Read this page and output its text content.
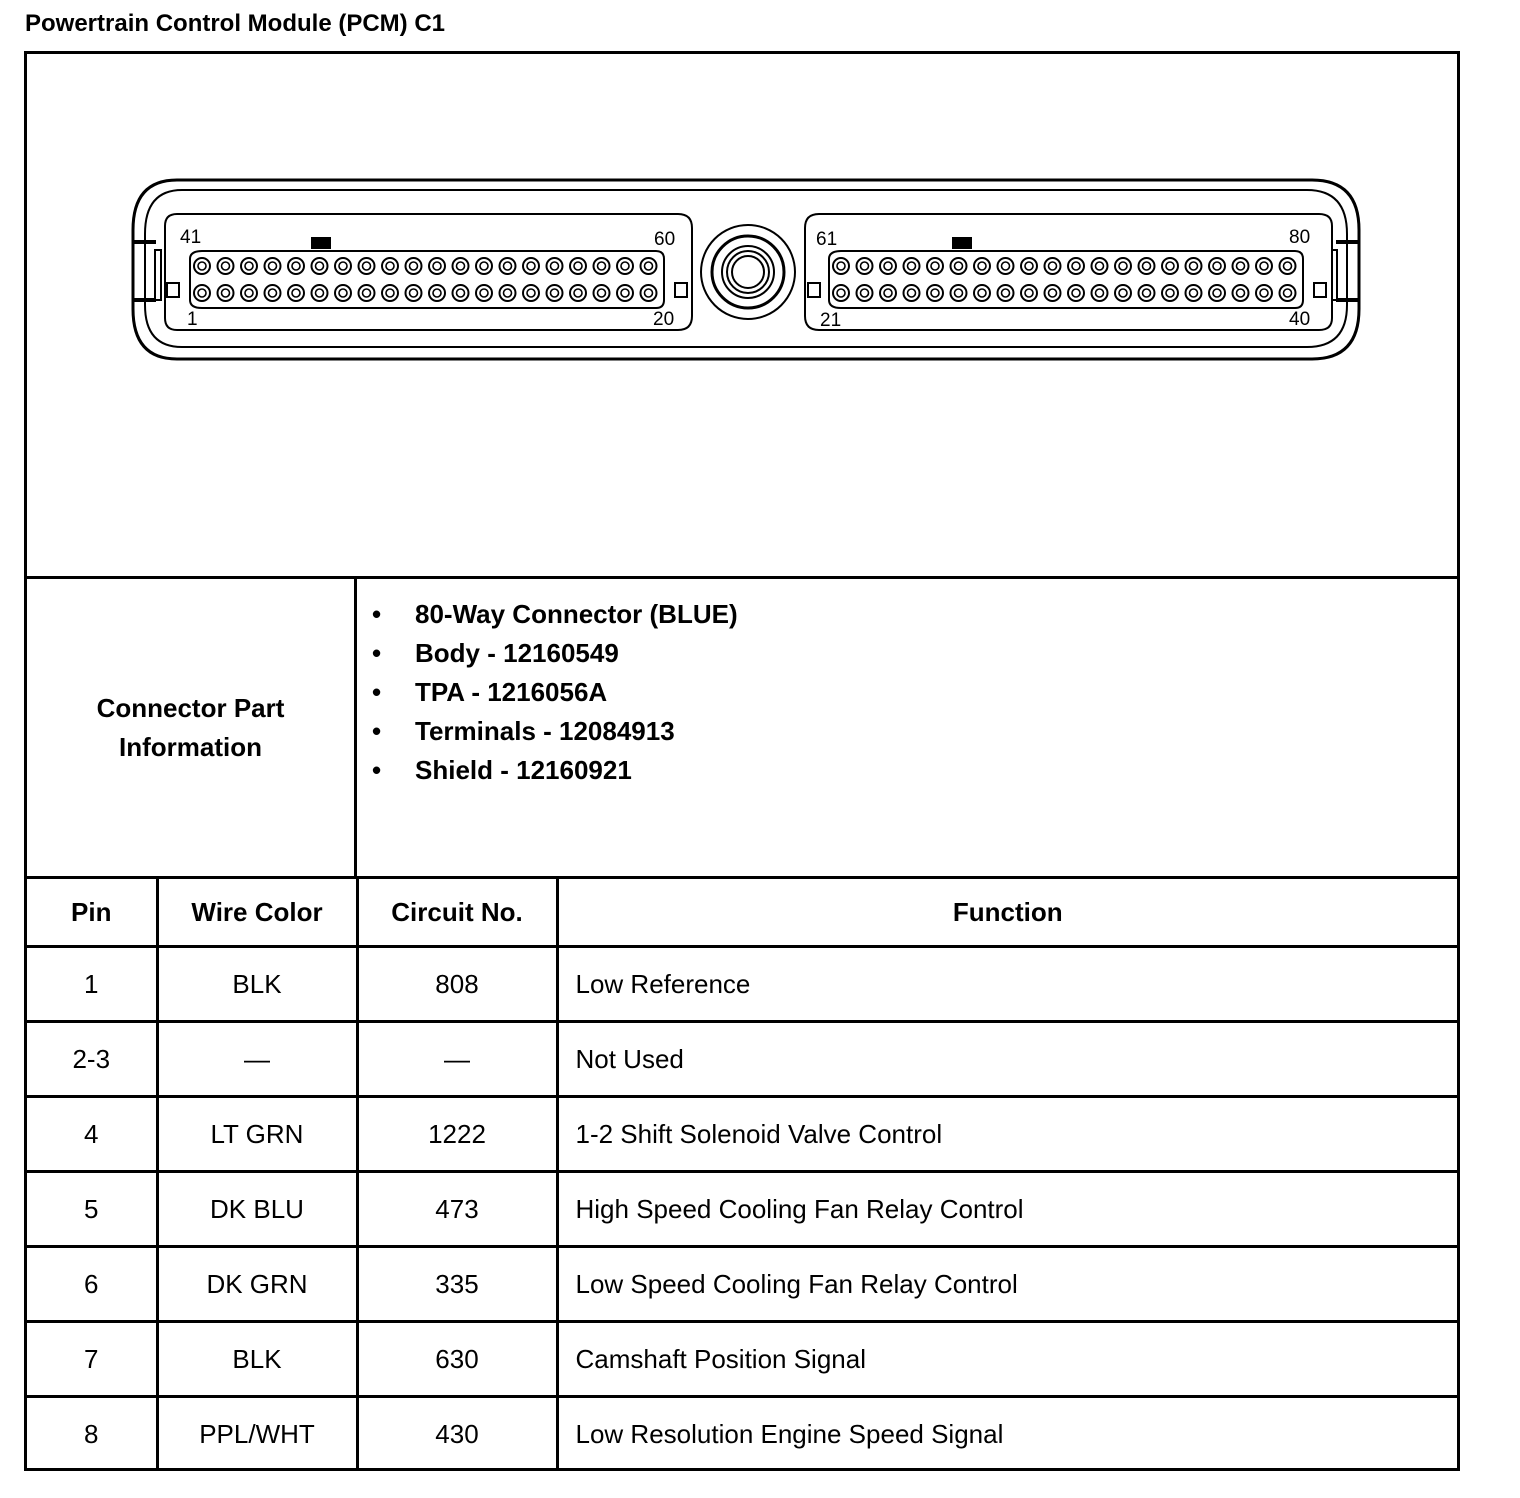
Powertrain Control Module (PCM) C1
41	60
1	20
61	80
21	40
Connector Part Information
• 80-Way Connector (BLUE)
• Body - 12160549
• TPA - 1216056A
• Terminals - 12084913
• Shield - 12160921
Pin	Wire Color	Circuit No.	Function
1	BLK	808	Low Reference
2-3	—	—	Not Used
4	LT GRN	1222	1-2 Shift Solenoid Valve Control
5	DK BLU	473	High Speed Cooling Fan Relay Control
6	DK GRN	335	Low Speed Cooling Fan Relay Control
7	BLK	630	Camshaft Position Signal
8	PPL/WHT	430	Low Resolution Engine Speed Signal
